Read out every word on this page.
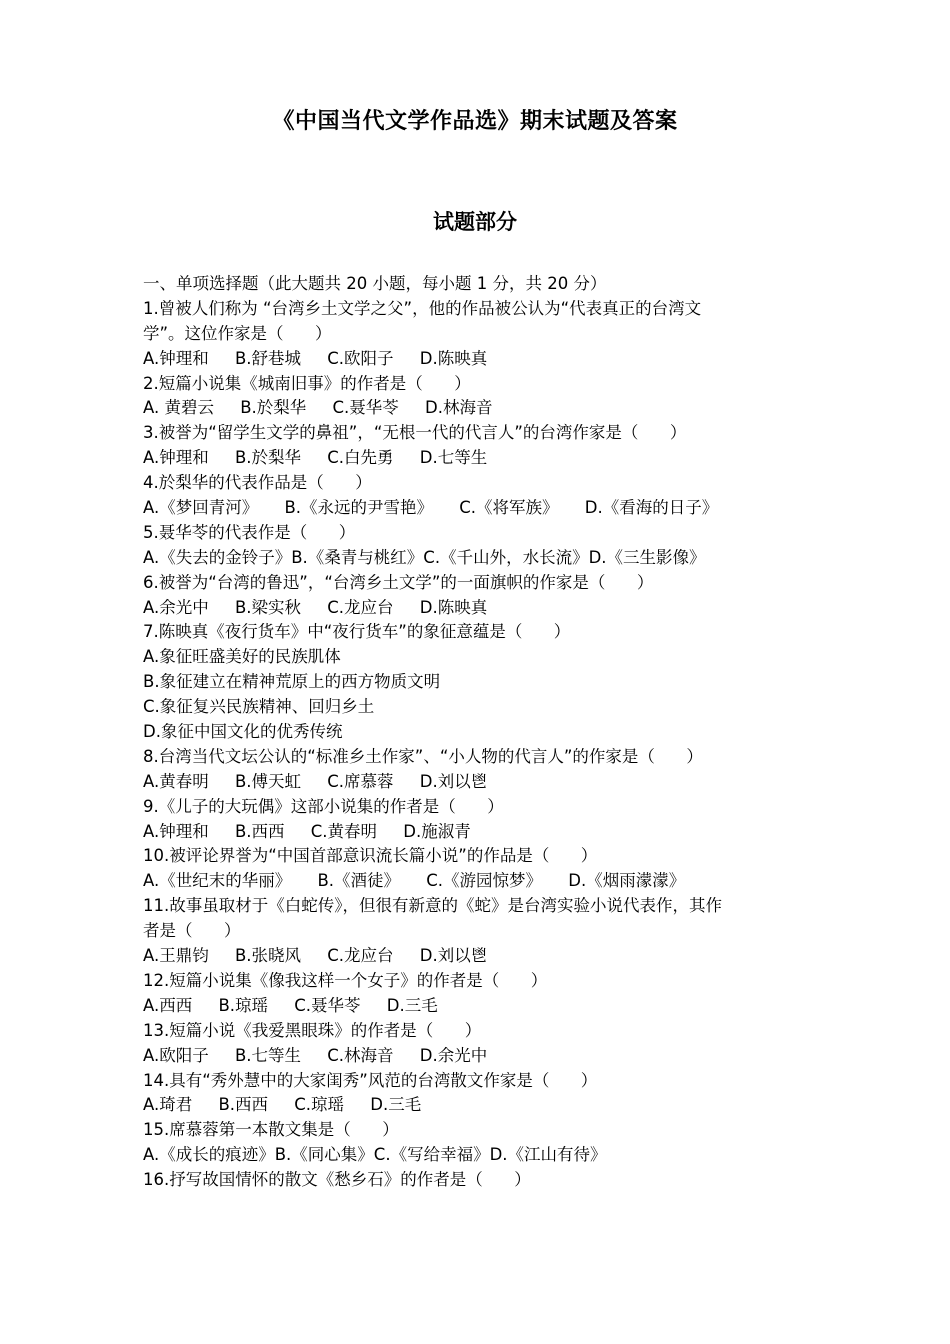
《中国当代文学作品选》期末试题及答案
试题部分
一、单项选择题（此大题共 20 小题，每小题 1 分，共 20 分）
1.曾被人们称为 “台湾乡土文学之父”，他的作品被公认为“代表真正的台湾文
学”。这位作家是（      ）
A.钟理和     B.舒巷城     C.欧阳子     D.陈映真
2.短篇小说集《城南旧事》的作者是（      ）
A. 黄碧云     B.於梨华     C.聂华苓     D.林海音
3.被誉为“留学生文学的鼻祖”，“无根一代的代言人”的台湾作家是（      ）
A.钟理和     B.於梨华     C.白先勇     D.七等生
4.於梨华的代表作品是（      ）
A.《梦回青河》     B.《永远的尹雪艳》     C.《将军族》     D.《看海的日子》
5.聂华苓的代表作是（      ）
A.《失去的金铃子》B.《桑青与桃红》C.《千山外，水长流》D.《三生影像》
6.被誉为“台湾的鲁迅”，“台湾乡土文学”的一面旗帜的作家是（      ）
A.余光中     B.梁实秋     C.龙应台     D.陈映真
7.陈映真《夜行货车》中“夜行货车”的象征意蕴是（      ）
A.象征旺盛美好的民族肌体
B.象征建立在精神荒原上的西方物质文明
C.象征复兴民族精神、回归乡土
D.象征中国文化的优秀传统
8.台湾当代文坛公认的“标准乡土作家”、“小人物的代言人”的作家是（      ）
A.黄春明     B.傅天虹     C.席慕蓉     D.刘以鬯
9.《儿子的大玩偶》这部小说集的作者是（      ）
A.钟理和     B.西西     C.黄春明     D.施淑青
10.被评论界誉为“中国首部意识流长篇小说”的作品是（      ）
A.《世纪末的华丽》     B.《酒徒》     C.《游园惊梦》     D.《烟雨濛濛》
11.故事虽取材于《白蛇传》，但很有新意的《蛇》是台湾实验小说代表作，其作
者是（      ）
A.王鼎钧     B.张晓风     C.龙应台     D.刘以鬯
12.短篇小说集《像我这样一个女子》的作者是（      ）
A.西西     B.琼瑶     C.聂华苓     D.三毛
13.短篇小说《我爱黑眼珠》的作者是（      ）
A.欧阳子     B.七等生     C.林海音     D.余光中
14.具有“秀外慧中的大家闺秀”风范的台湾散文作家是（      ）
A.琦君     B.西西     C.琼瑶     D.三毛
15.席慕蓉第一本散文集是（      ）
A.《成长的痕迹》B.《同心集》C.《写给幸福》D.《江山有待》
16.抒写故国情怀的散文《愁乡石》的作者是（      ）
